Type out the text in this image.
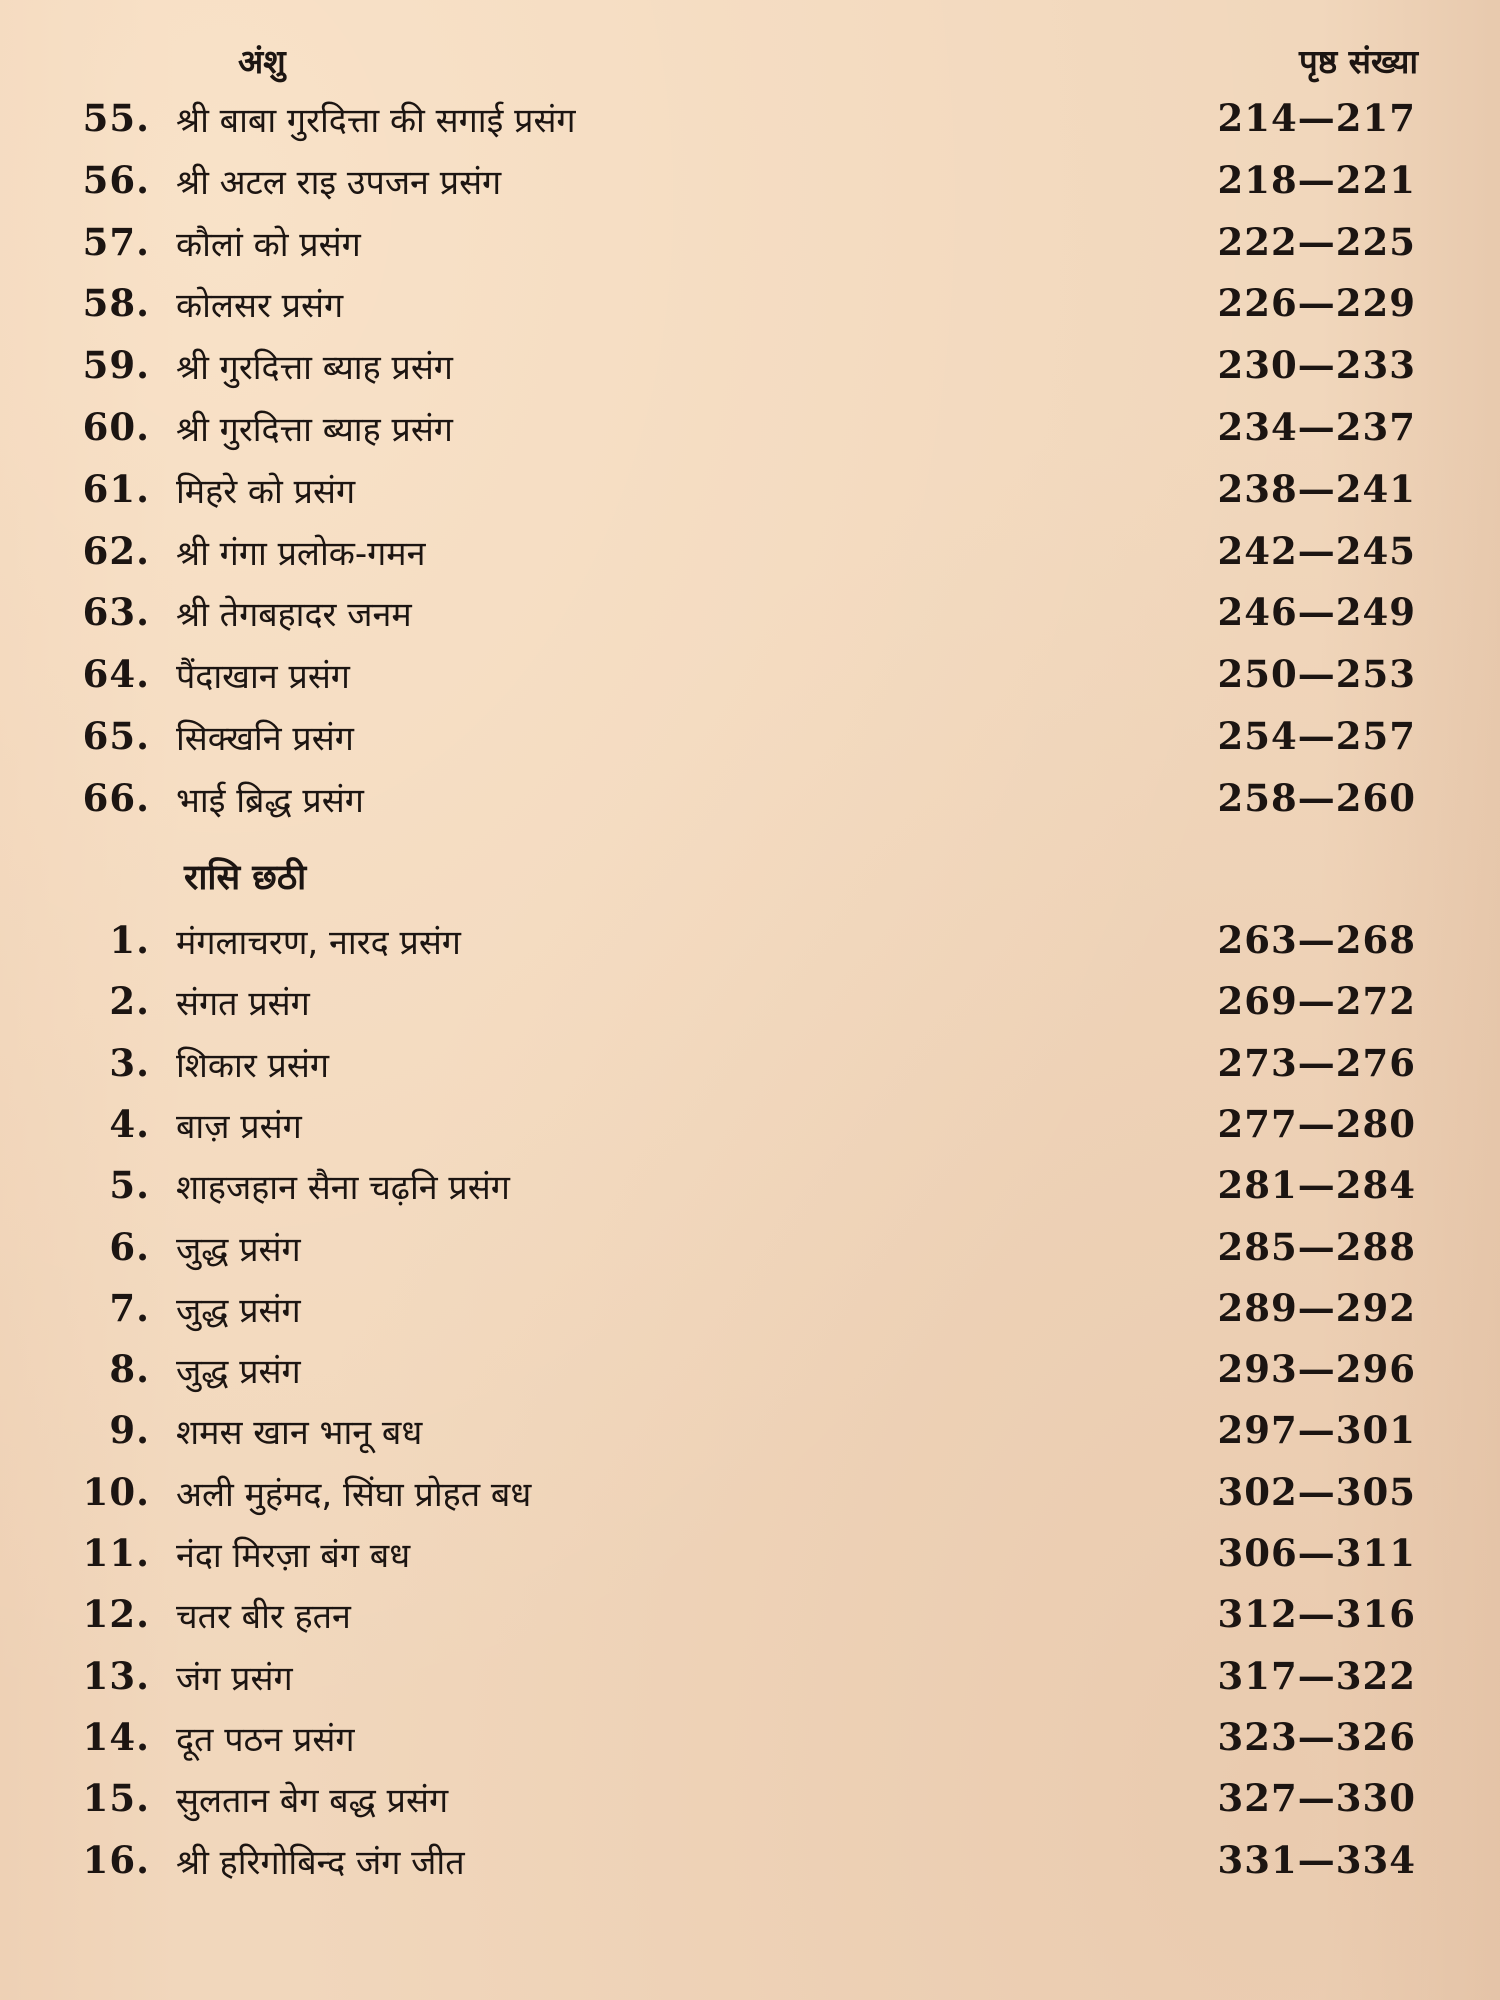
अंशु	पृष्ठ संख्या
55. श्री बाबा गुरदित्ता की सगाई प्रसंग	214—217
56. श्री अटल राइ उपजन प्रसंग	218—221
57. कौलां को प्रसंग	222—225
58. कोलसर प्रसंग	226—229
59. श्री गुरदित्ता ब्याह प्रसंग	230—233
60. श्री गुरदित्ता ब्याह प्रसंग	234—237
61. मिहरे को प्रसंग	238—241
62. श्री गंगा प्रलोक-गमन	242—245
63. श्री तेगबहादर जनम	246—249
64. पैंदाखान प्रसंग	250—253
65. सिक्खनि प्रसंग	254—257
66. भाई ब्रिद्ध प्रसंग	258—260
रासि छठी
1. मंगलाचरण, नारद प्रसंग	263—268
2. संगत प्रसंग	269—272
3. शिकार प्रसंग	273—276
4. बाज़ प्रसंग	277—280
5. शाहजहान सैना चढ़नि प्रसंग	281—284
6. जुद्ध प्रसंग	285—288
7. जुद्ध प्रसंग	289—292
8. जुद्ध प्रसंग	293—296
9. शमस खान भानू बध	297—301
10. अली मुहंमद, सिंघा प्रोहत बध	302—305
11. नंदा मिरज़ा बंग बध	306—311
12. चतर बीर हतन	312—316
13. जंग प्रसंग	317—322
14. दूत पठन प्रसंग	323—326
15. सुलतान बेग बद्ध प्रसंग	327—330
16. श्री हरिगोबिन्द जंग जीत	331—334
